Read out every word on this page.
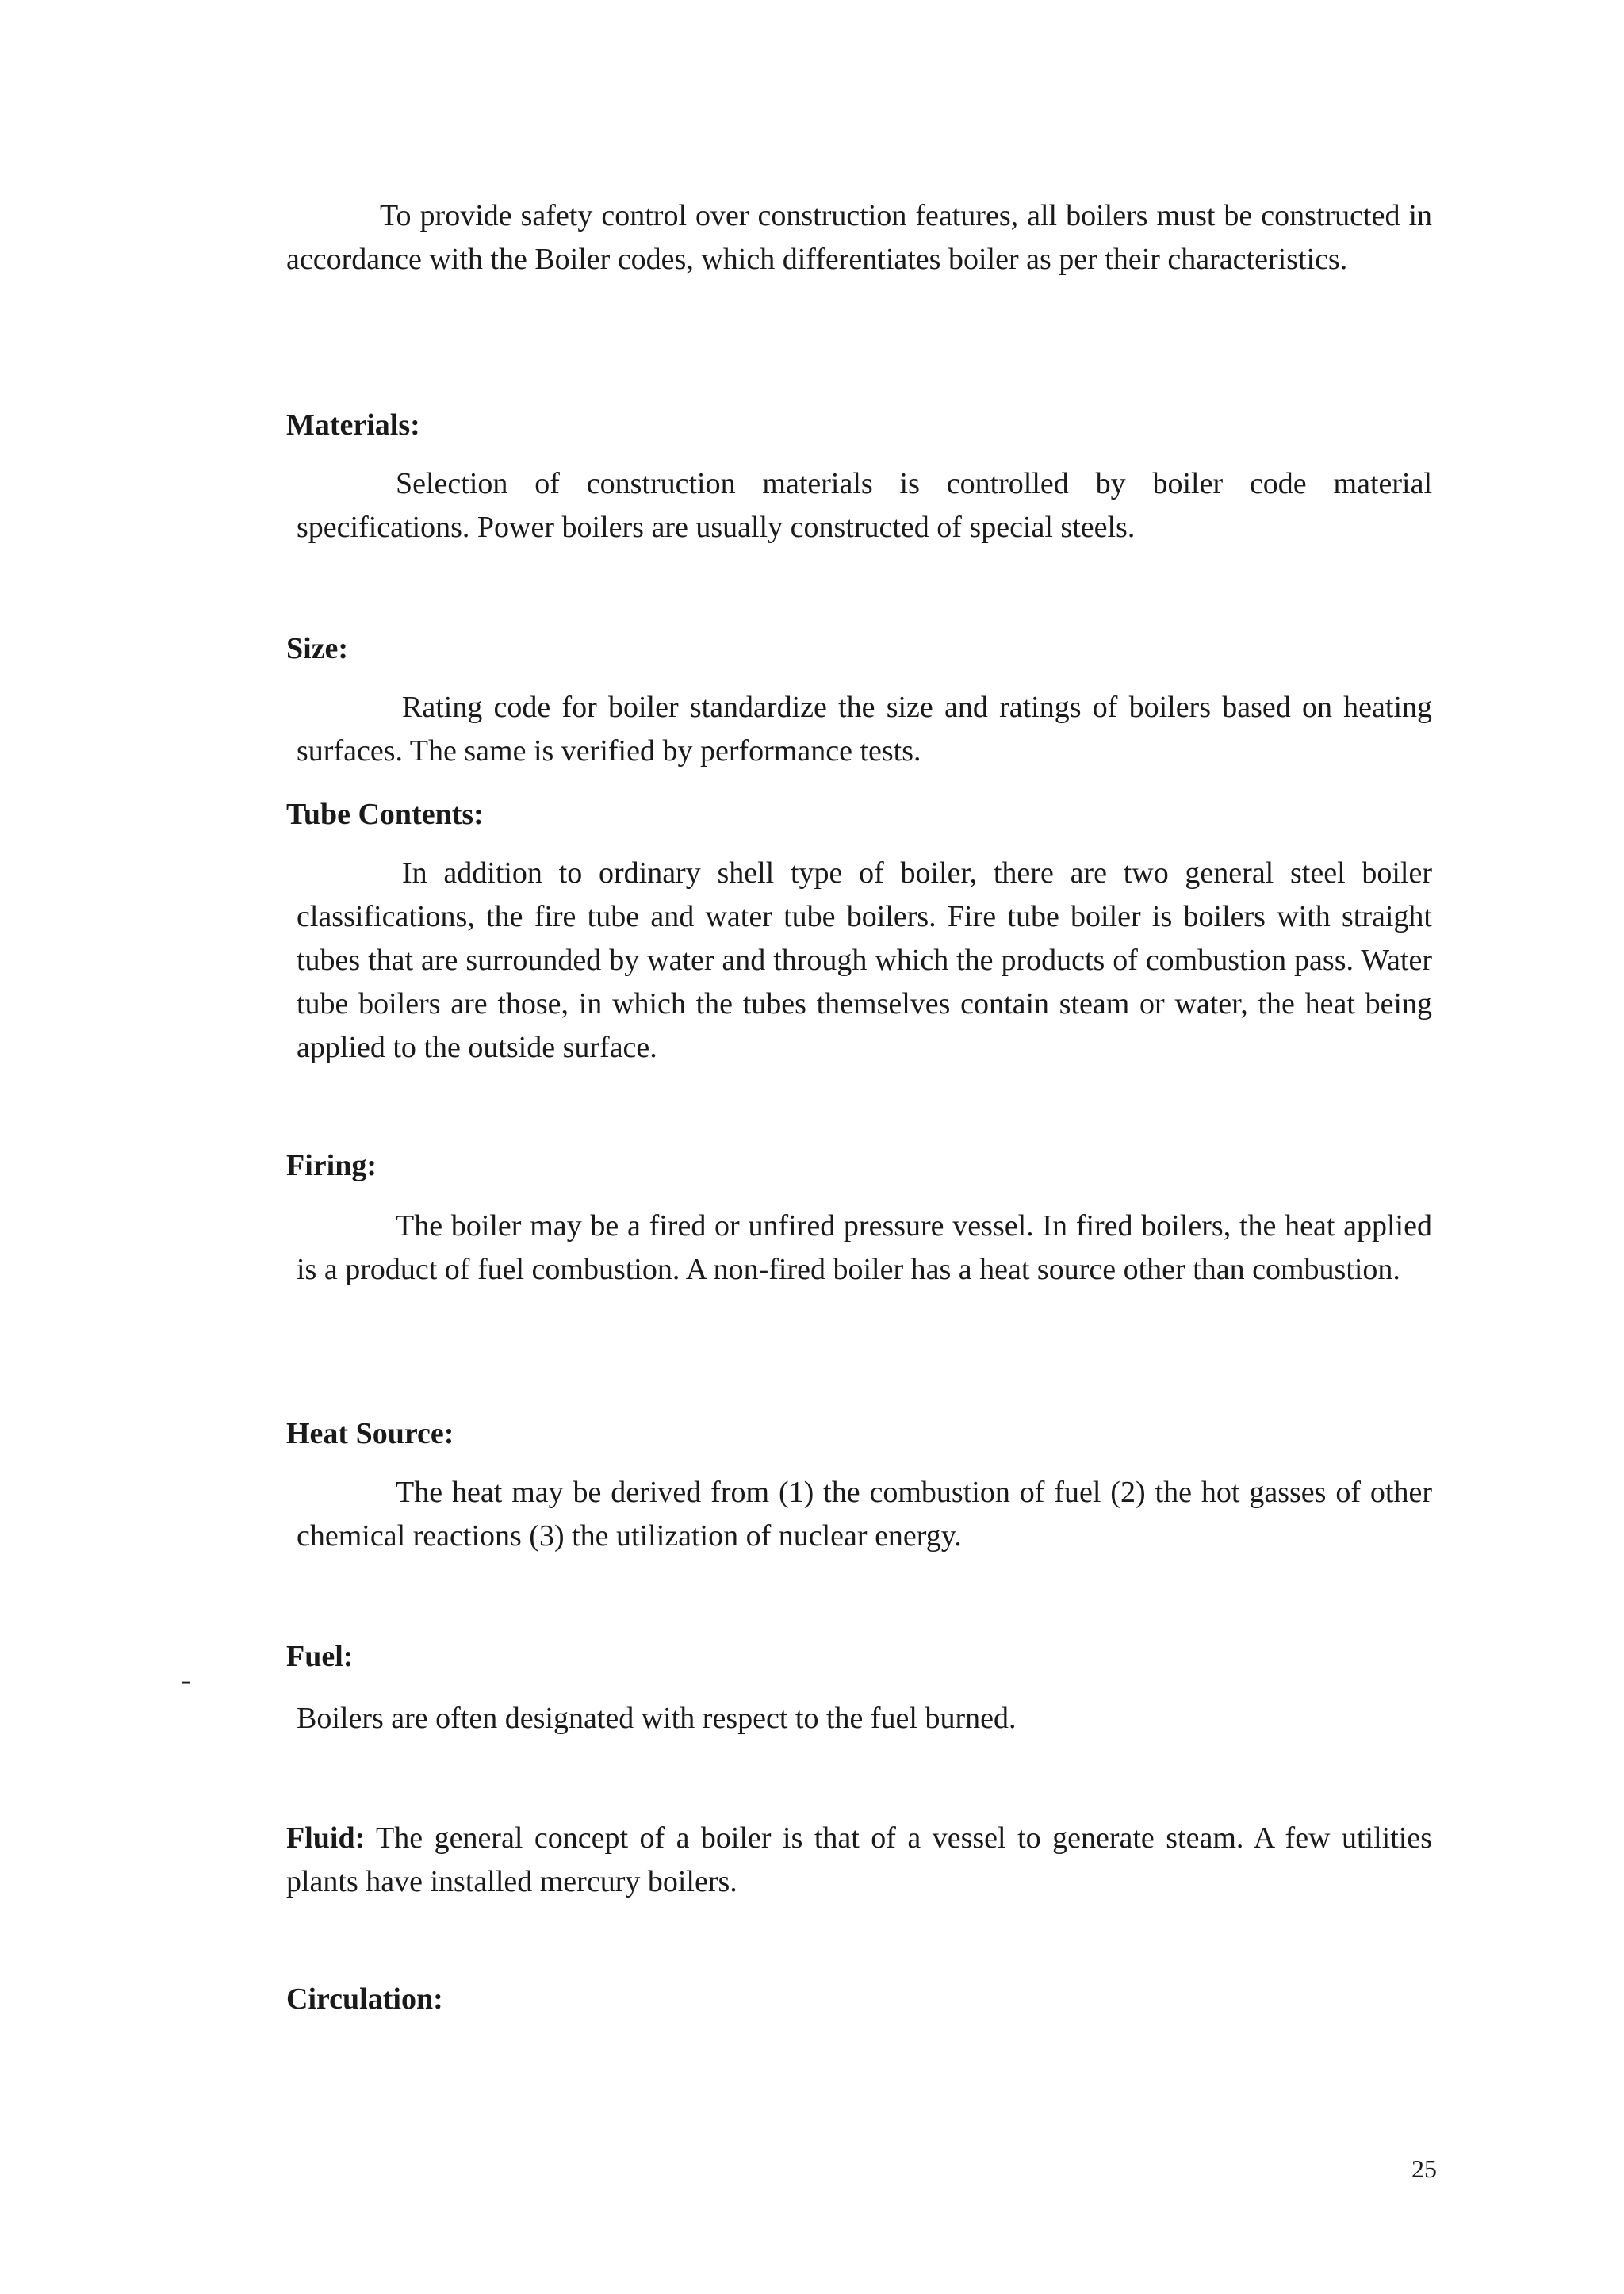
To provide safety control over construction features, all boilers must be constructed in accordance with the Boiler codes, which differentiates boiler as per their characteristics.
Materials:
Selection of construction materials is controlled by boiler code material specifications. Power boilers are usually constructed of special steels.
Size:
Rating code for boiler standardize the size and ratings of boilers based on heating surfaces. The same is verified by performance tests.
Tube Contents:
In addition to ordinary shell type of boiler, there are two general steel boiler classifications, the fire tube and water tube boilers. Fire tube boiler is boilers with straight tubes that are surrounded by water and through which the products of combustion pass. Water tube boilers are those, in which the tubes themselves contain steam or water, the heat being applied to the outside surface.
Firing:
The boiler may be a fired or unfired pressure vessel. In fired boilers, the heat applied is a product of fuel combustion. A non-fired boiler has a heat source other than combustion.
Heat Source:
The heat may be derived from (1) the combustion of fuel (2) the hot gasses of other chemical reactions (3) the utilization of nuclear energy.
-
Fuel:
Boilers are often designated with respect to the fuel burned.
Fluid: The general concept of a boiler is that of a vessel to generate steam. A few utilities plants have installed mercury boilers.
Circulation:
25
